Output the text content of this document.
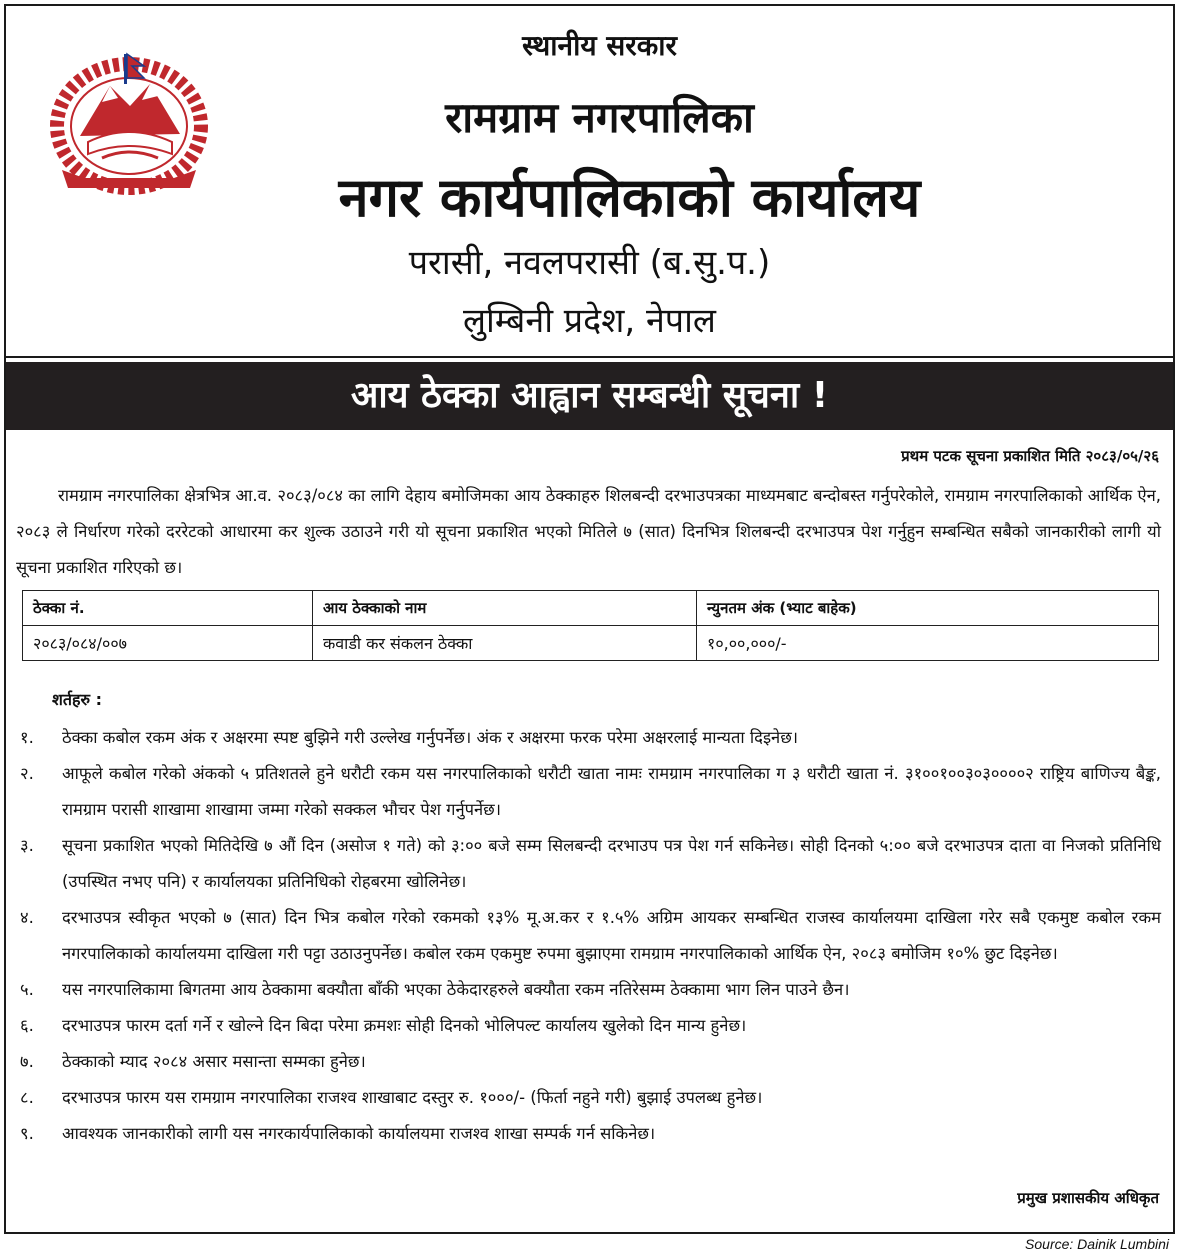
स्थानीय सरकार
रामग्राम नगरपालिका
नगर कार्यपालिकाको कार्यालय
परासी, नवलपरासी (ब.सु.प.)
लुम्बिनी प्रदेश, नेपाल
आय ठेक्का आह्वान सम्बन्धी सूचना !
प्रथम पटक सूचना प्रकाशित मिति २०८३/०५/२६
रामग्राम नगरपालिका क्षेत्रभित्र आ.व. २०८३/०८४ का लागि देहाय बमोजिमका आय ठेक्काहरु शिलबन्दी दरभाउपत्रका माध्यमबाट बन्दोबस्त गर्नुपरेकोले, रामग्राम नगरपालिकाको आर्थिक ऐन, २०८३ ले निर्धारण गरेको दररेटको आधारमा कर शुल्क उठाउने गरी यो सूचना प्रकाशित भएको मितिले ७ (सात) दिनभित्र शिलबन्दी दरभाउपत्र पेश गर्नुहुन सम्बन्धित सबैको जानकारीको लागी यो सूचना प्रकाशित गरिएको छ।
ठेक्का नं.	आय ठेक्काको नाम	न्युनतम अंक (भ्याट बाहेक)
२०८३/०८४/००७	कवाडी कर संकलन ठेक्का	१०,००,०००/-
शर्तहरु :
१. ठेक्का कबोल रकम अंक र अक्षरमा स्पष्ट बुझिने गरी उल्लेख गर्नुपर्नेछ। अंक र अक्षरमा फरक परेमा अक्षरलाई मान्यता दिइनेछ।
२. आफूले कबोल गरेको अंकको ५ प्रतिशतले हुने धरौटी रकम यस नगरपालिकाको धरौटी खाता नामः रामग्राम नगरपालिका ग ३ धरौटी खाता नं. ३१००१००३०३००००२ राष्ट्रिय बाणिज्य बैङ्क, रामग्राम परासी शाखामा शाखामा जम्मा गरेको सक्कल भौचर पेश गर्नुपर्नेछ।
३. सूचना प्रकाशित भएको मितिदेखि ७ औं दिन (असोज १ गते) को ३:०० बजे सम्म सिलबन्दी दरभाउप पत्र पेश गर्न सकिनेछ। सोही दिनको ५:०० बजे दरभाउपत्र दाता वा निजको प्रतिनिधि (उपस्थित नभए पनि) र कार्यालयका प्रतिनिधिको रोहबरमा खोलिनेछ।
४. दरभाउपत्र स्वीकृत भएको ७ (सात) दिन भित्र कबोल गरेको रकमको १३% मू.अ.कर र १.५% अग्रिम आयकर सम्बन्धित राजस्व कार्यालयमा दाखिला गरेर सबै एकमुष्ट कबोल रकम नगरपालिकाको कार्यालयमा दाखिला गरी पट्टा उठाउनुपर्नेछ। कबोल रकम एकमुष्ट रुपमा बुझाएमा रामग्राम नगरपालिकाको आर्थिक ऐन, २०८३ बमोजिम १०% छुट दिइनेछ।
५. यस नगरपालिकामा बिगतमा आय ठेक्कामा बक्यौता बाँकी भएका ठेकेदारहरुले बक्यौता रकम नतिरेसम्म ठेक्कामा भाग लिन पाउने छैन।
६. दरभाउपत्र फारम दर्ता गर्ने र खोल्ने दिन बिदा परेमा क्रमशः सोही दिनको भोलिपल्ट कार्यालय खुलेको दिन मान्य हुनेछ।
७. ठेक्काको म्याद २०८४ असार मसान्ता सम्मका हुनेछ।
८. दरभाउपत्र फारम यस रामग्राम नगरपालिका राजश्व शाखाबाट दस्तुर रु. १०००/- (फिर्ता नहुने गरी) बुझाई उपलब्ध हुनेछ।
९. आवश्यक जानकारीको लागी यस नगरकार्यपालिकाको कार्यालयमा राजश्व शाखा सम्पर्क गर्न सकिनेछ।
प्रमुख प्रशासकीय अधिकृत
Source: Dainik Lumbini
